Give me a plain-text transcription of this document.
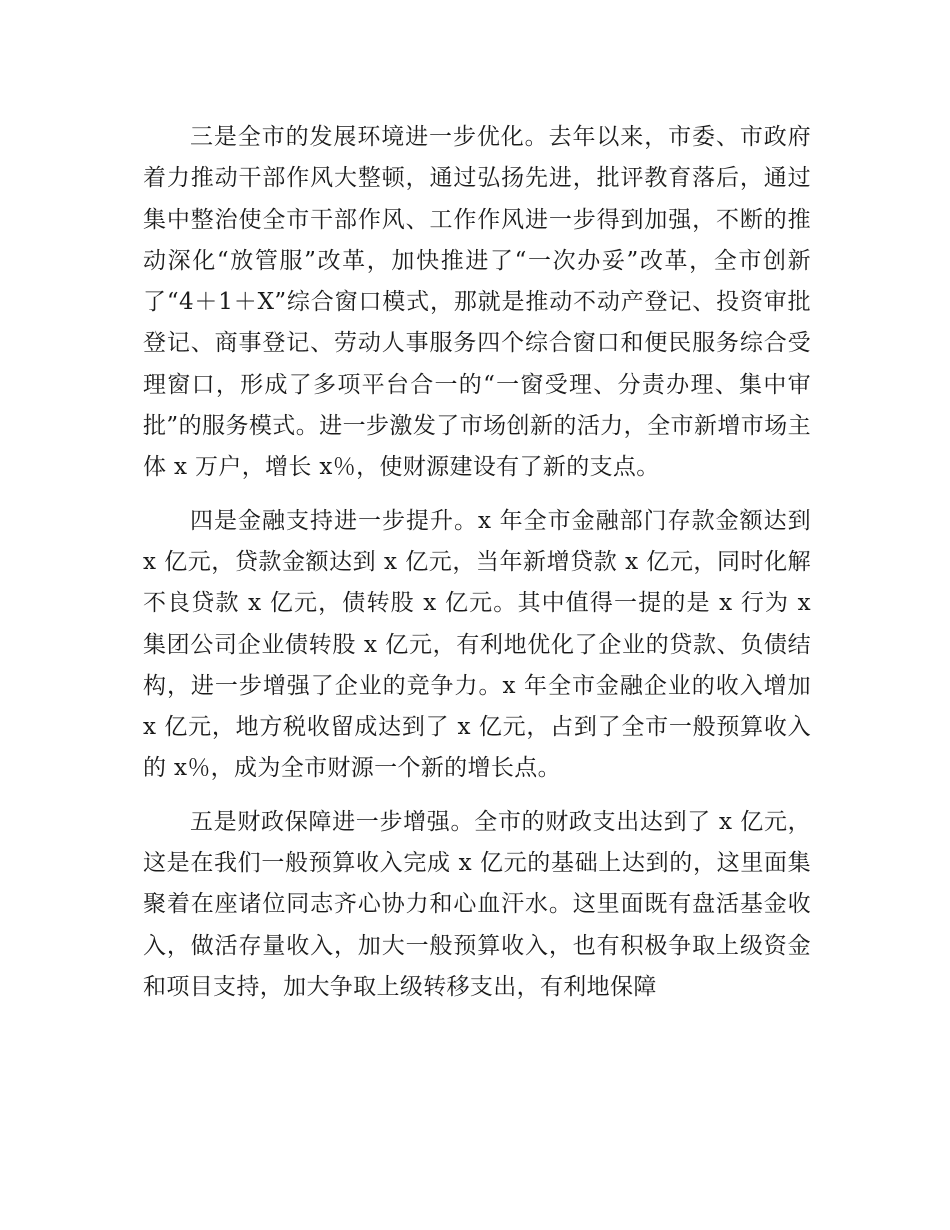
三是全市的发展环境进一步优化。去年以来，市委、市政府着力推动干部作风大整顿，通过弘扬先进，批评教育落后，通过集中整治使全市干部作风、工作作风进一步得到加强，不断的推动深化“放管服”改革，加快推进了“一次办妥”改革，全市创新了“4＋1＋X”综合窗口模式，那就是推动不动产登记、投资审批登记、商事登记、劳动人事服务四个综合窗口和便民服务综合受理窗口，形成了多项平台合一的“一窗受理、分责办理、集中审批”的服务模式。进一步激发了市场创新的活力，全市新增市场主体 x 万户，增长 x％，使财源建设有了新的支点。

四是金融支持进一步提升。x 年全市金融部门存款金额达到 x 亿元，贷款金额达到 x 亿元，当年新增贷款 x 亿元，同时化解不良贷款 x 亿元，债转股 x 亿元。其中值得一提的是 x 行为 x 集团公司企业债转股 x 亿元，有利地优化了企业的贷款、负债结构，进一步增强了企业的竞争力。x 年全市金融企业的收入增加 x 亿元，地方税收留成达到了 x 亿元，占到了全市一般预算收入的 x％，成为全市财源一个新的增长点。

五是财政保障进一步增强。全市的财政支出达到了 x 亿元，这是在我们一般预算收入完成 x 亿元的基础上达到的，这里面集聚着在座诸位同志齐心协力和心血汗水。这里面既有盘活基金收入，做活存量收入，加大一般预算收入，也有积极争取上级资金和项目支持，加大争取上级转移支出，有利地保障
